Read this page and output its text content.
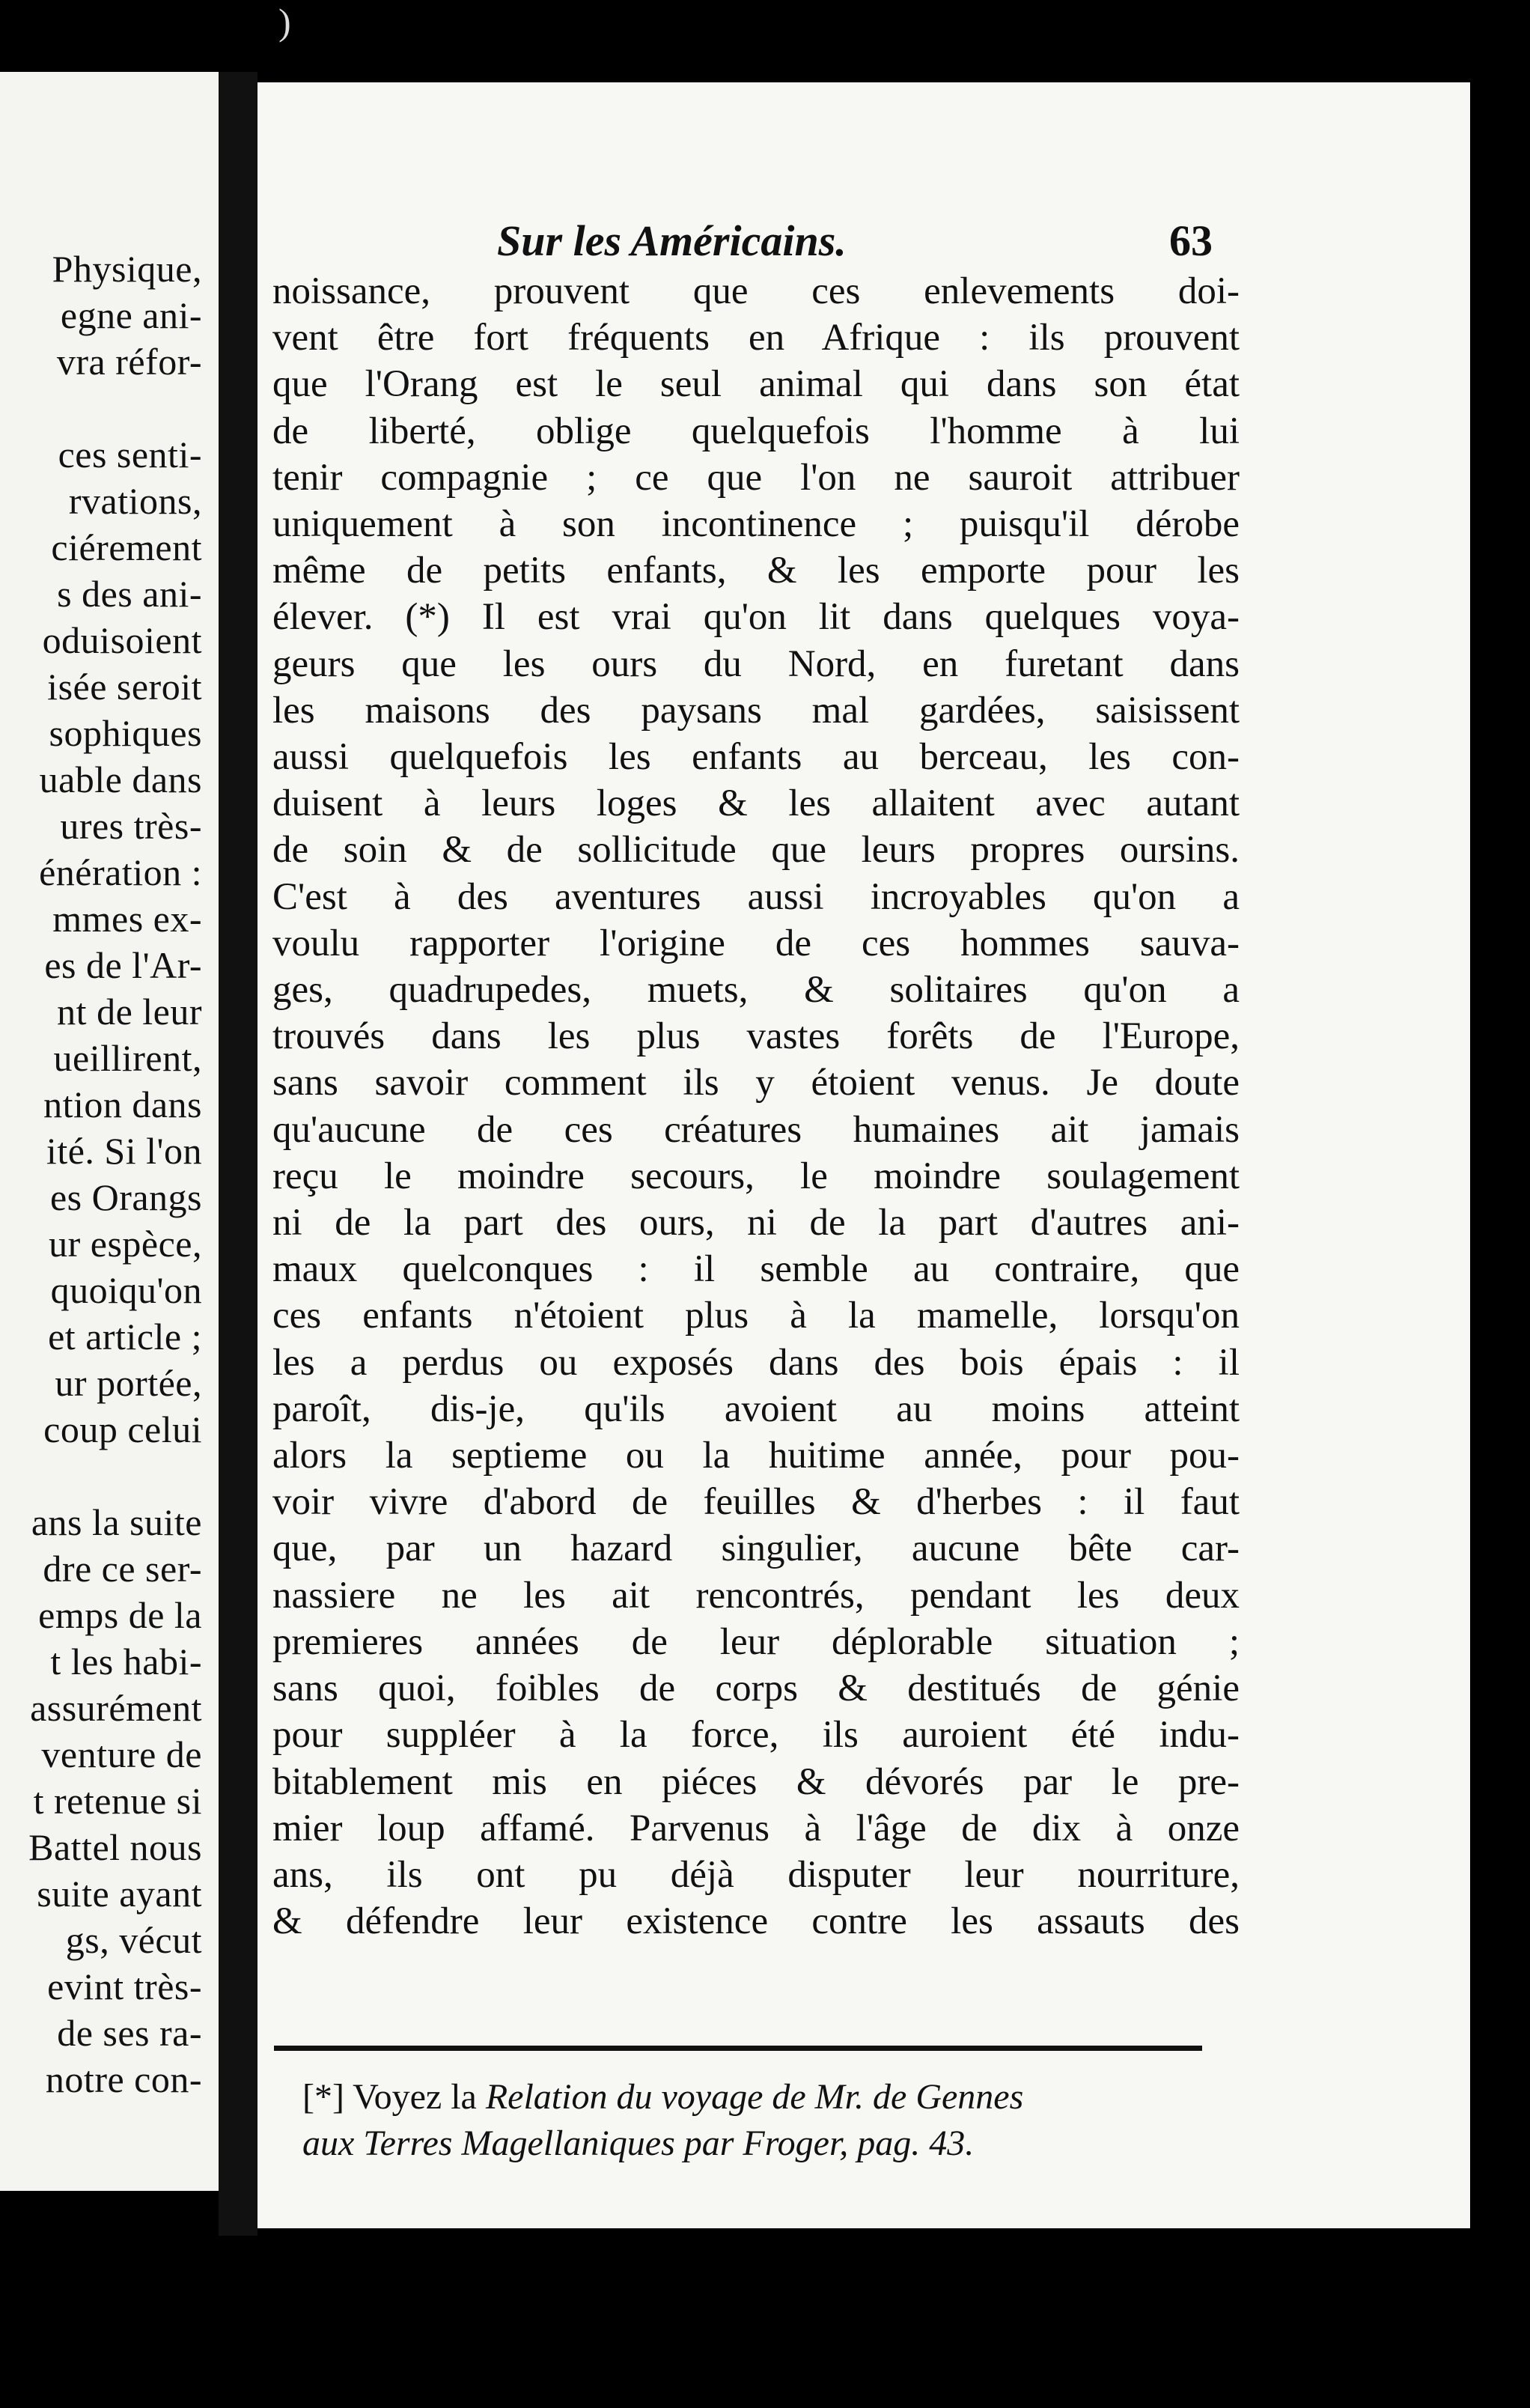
)
Physique,
egne ani-
vra réfor-
ces senti-
rvations,
ciérement
s des ani-
oduisoient
isée seroit
sophiques
uable dans
ures très-
énération :
mmes ex-
es de l'Ar-
nt de leur
ueillirent,
ntion dans
ité. Si l'on
es Orangs
ur espèce,
quoiqu'on
et article ;
ur portée,
coup celui
ans la suite
dre ce ser-
emps de la
t les habi-
assurément
venture de
t retenue si
Battel nous
suite ayant
gs, vécut
evint très-
de ses ra-
notre con-
Sur les Américains.	63
noissance, prouvent que ces enlevements doi-
vent être fort fréquents en Afrique : ils prouvent
que l'Orang est le seul animal qui dans son état
de liberté, oblige quelquefois l'homme à lui
tenir compagnie ; ce que l'on ne sauroit attribuer
uniquement à son incontinence ; puisqu'il dérobe
même de petits enfants, & les emporte pour les
élever. (*) Il est vrai qu'on lit dans quelques voya-
geurs que les ours du Nord, en furetant dans
les maisons des paysans mal gardées, saisissent
aussi quelquefois les enfants au berceau, les con-
duisent à leurs loges & les allaitent avec autant
de soin & de sollicitude que leurs propres oursins.
C'est à des aventures aussi incroyables qu'on a
voulu rapporter l'origine de ces hommes sauva-
ges, quadrupedes, muets, & solitaires qu'on a
trouvés dans les plus vastes forêts de l'Europe,
sans savoir comment ils y étoient venus. Je doute
qu'aucune de ces créatures humaines ait jamais
reçu le moindre secours, le moindre soulagement
ni de la part des ours, ni de la part d'autres ani-
maux quelconques : il semble au contraire, que
ces enfants n'étoient plus à la mamelle, lorsqu'on
les a perdus ou exposés dans des bois épais : il
paroît, dis-je, qu'ils avoient au moins atteint
alors la septieme ou la huitime année, pour pou-
voir vivre d'abord de feuilles & d'herbes : il faut
que, par un hazard singulier, aucune bête car-
nassiere ne les ait rencontrés, pendant les deux
premieres années de leur déplorable situation ;
sans quoi, foibles de corps & destitués de génie
pour suppléer à la force, ils auroient été indu-
bitablement mis en piéces & dévorés par le pre-
mier loup affamé. Parvenus à l'âge de dix à onze
ans, ils ont pu déjà disputer leur nourriture,
& défendre leur existence contre les assauts des
[*] Voyez la Relation du voyage de Mr. de Gennes
aux Terres Magellaniques par Froger, pag. 43.
